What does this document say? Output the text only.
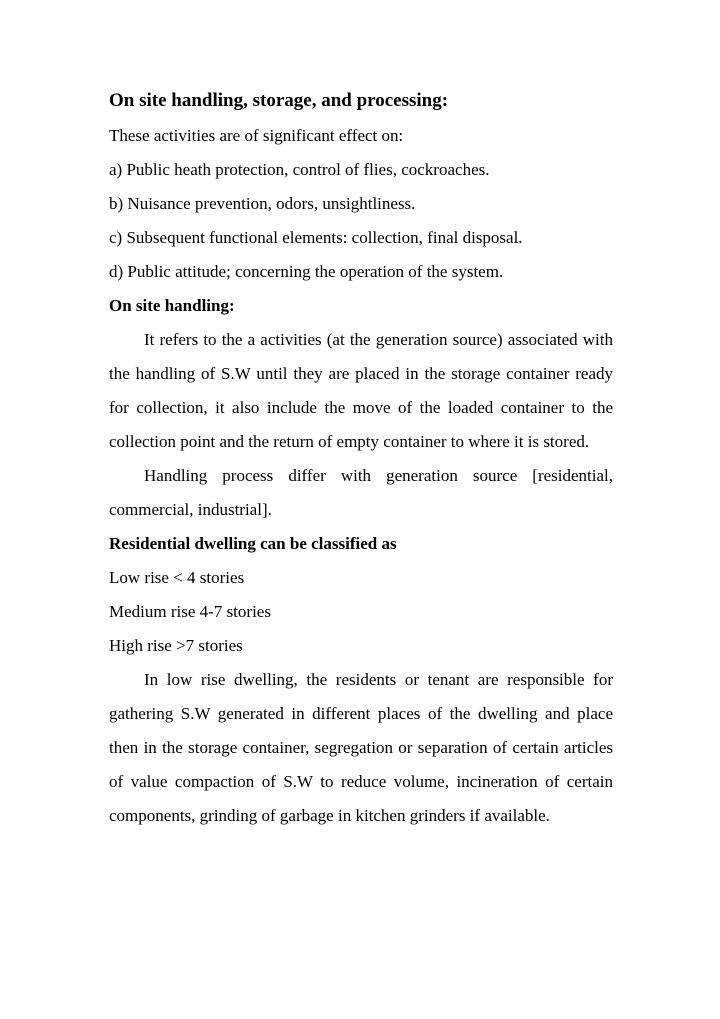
On site handling, storage, and processing:
These activities are of significant effect on:
a) Public heath protection, control of flies, cockroaches.
b) Nuisance prevention, odors, unsightliness.
c) Subsequent functional elements: collection, final disposal.
d) Public attitude; concerning the operation of the system.
On site handling:

It refers to the a activities (at the generation source) associated with the handling of S.W until they are placed in the storage container ready for collection, it also include the move of the loaded container to the collection point and the return of empty container to where it is stored.

Handling process differ with generation source [residential, commercial, industrial].

Residential dwelling can be classified as
Low rise < 4 stories
Medium rise 4-7 stories
High rise >7 stories

In low rise dwelling, the residents or tenant are responsible for gathering S.W generated in different places of the dwelling and place then in the storage container, segregation or separation of certain articles of value compaction of S.W to reduce volume, incineration of certain components, grinding of garbage in kitchen grinders if available.
